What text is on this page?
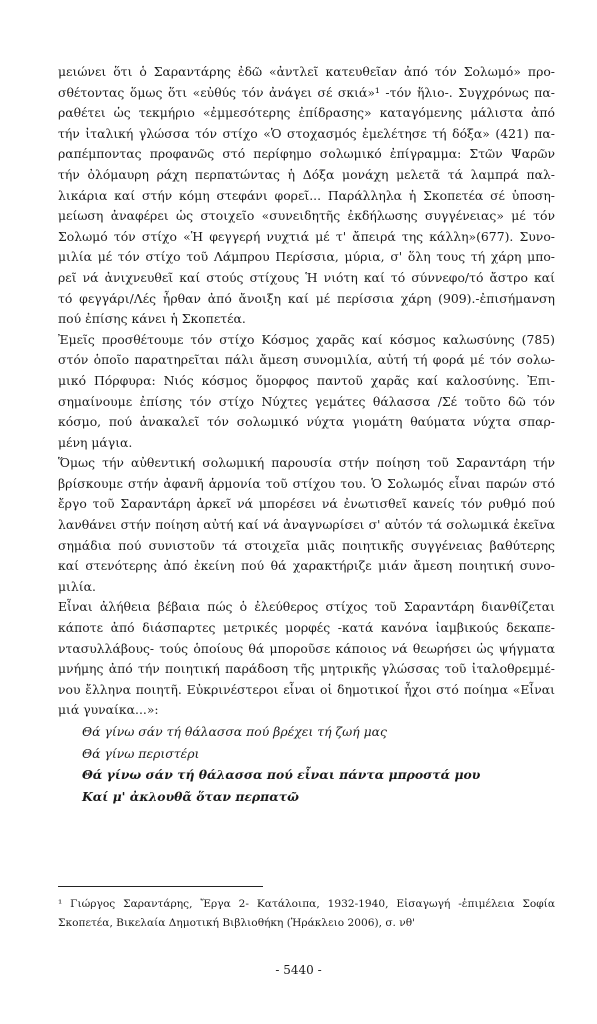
μειώνει ὅτι ὁ Σαραντάρης ἐδῶ «ἀντλεῖ κατευθεῖαν ἀπό τόν Σολωμό» προ-
σθέτοντας ὅμως ὅτι «εὐθύς τόν ἀνάγει σέ σκιά»¹ -τόν ἥλιο-. Συγχρόνως πα-
ραθέτει ὡς τεκμήριο «ἐμμεσότερης ἐπίδρασης» καταγόμενης μάλιστα ἀπό
τήν ἰταλική γλώσσα τόν στίχο «Ὁ στοχασμός ἐμελέτησε τή δόξα» (421) πα-
ραπέμποντας προφανῶς στό περίφημο σολωμικό ἐπίγραμμα: Στῶν Ψαρῶν
τήν ὀλόμαυρη ράχη περπατώντας ἡ Δόξα μονάχη μελετᾶ τά λαμπρά παλ-
λικάρια καί στήν κόμη στεφάνι φορεῖ... Παράλληλα ἡ Σκοπετέα σέ ὑποση-
μείωση ἀναφέρει ὡς στοιχεῖο «συνειδητῆς ἐκδήλωσης συγγένειας» μέ τόν
Σολωμό τόν στίχο «Ἡ φεγγερή νυχτιά μέ τ' ἄπειρά της κάλλη»(677). Συνο-
μιλία μέ τόν στίχο τοῦ Λάμπρου Περίσσια, μύρια, σ' ὅλη τους τή χάρη μπο-
ρεῖ νά ἀνιχνευθεῖ καί στούς στίχους Ἡ νιότη καί τό σύννεφο/τό ἄστρο καί
τό φεγγάρι/Λές ἦρθαν ἀπό ἄνοιξη καί μέ περίσσια χάρη (909).-ἐπισήμανση
πού ἐπίσης κάνει ἡ Σκοπετέα.

Ἐμεῖς προσθέτουμε τόν στίχο Κόσμος χαρᾶς καί κόσμος καλωσύνης (785)
στόν ὁποῖο παρατηρεῖται πάλι ἄμεση συνομιλία, αὐτή τή φορά μέ τόν σολω-
μικό Πόρφυρα: Νιός κόσμος ὅμορφος παντοῦ χαρᾶς καί καλοσύνης. Ἐπι-
σημαίνουμε ἐπίσης τόν στίχο Νύχτες γεμάτες θάλασσα /Σέ τοῦτο δῶ τόν
κόσμο, πού ἀνακαλεῖ τόν σολωμικό νύχτα γιομάτη θαύματα νύχτα σπαρ-
μένη μάγια.

Ὅμως τήν αὐθεντική σολωμική παρουσία στήν ποίηση τοῦ Σαραντάρη τήν
βρίσκουμε στήν ἀφανῆ ἁρμονία τοῦ στίχου του. Ὁ Σολωμός εἶναι παρών στό
ἔργο τοῦ Σαραντάρη ἀρκεῖ νά μπορέσει νά ἐνωτισθεῖ κανείς τόν ρυθμό πού
λανθάνει στήν ποίηση αὐτή καί νά ἀναγνωρίσει σ' αὐτόν τά σολωμικά ἐκεῖνα
σημάδια πού συνιστοῦν τά στοιχεῖα μιᾶς ποιητικῆς συγγένειας βαθύτερης
καί στενότερης ἀπό ἐκείνη πού θά χαρακτήριζε μιάν ἄμεση ποιητική συνο-
μιλία.

Εἶναι ἀλήθεια βέβαια πώς ὁ ἐλεύθερος στίχος τοῦ Σαραντάρη διανθίζεται
κάποτε ἀπό διάσπαρτες μετρικές μορφές -κατά κανόνα ἰαμβικούς δεκαπε-
ντασυλλάβους- τούς ὁποίους θά μποροῦσε κάποιος νά θεωρήσει ὡς ψήγματα
μνήμης ἀπό τήν ποιητική παράδοση τῆς μητρικῆς γλώσσας τοῦ ἰταλοθρεμμέ-
νου ἔλληνα ποιητῆ. Εὐκρινέστεροι εἶναι οἱ δημοτικοί ἦχοι στό ποίημα «Εἶναι
μιά γυναίκα...»:

Θά γίνω σάν τή θάλασσα πού βρέχει τή ζωή μας
Θά γίνω περιστέρι
Θά γίνω σάν τή θάλασσα πού εἶναι πάντα μπροστά μου
Καί μ' ἀκλουθᾶ ὅταν περπατῶ
¹ Γιώργος Σαραντάρης, Ἔργα 2- Κατάλοιπα, 1932-1940, Εἰσαγωγή -ἐπιμέλεια Σοφία
Σκοπετέα, Βικελαία Δημοτική Βιβλιοθήκη (Ἡράκλειο 2006), σ. νθ'
- 5440 -
